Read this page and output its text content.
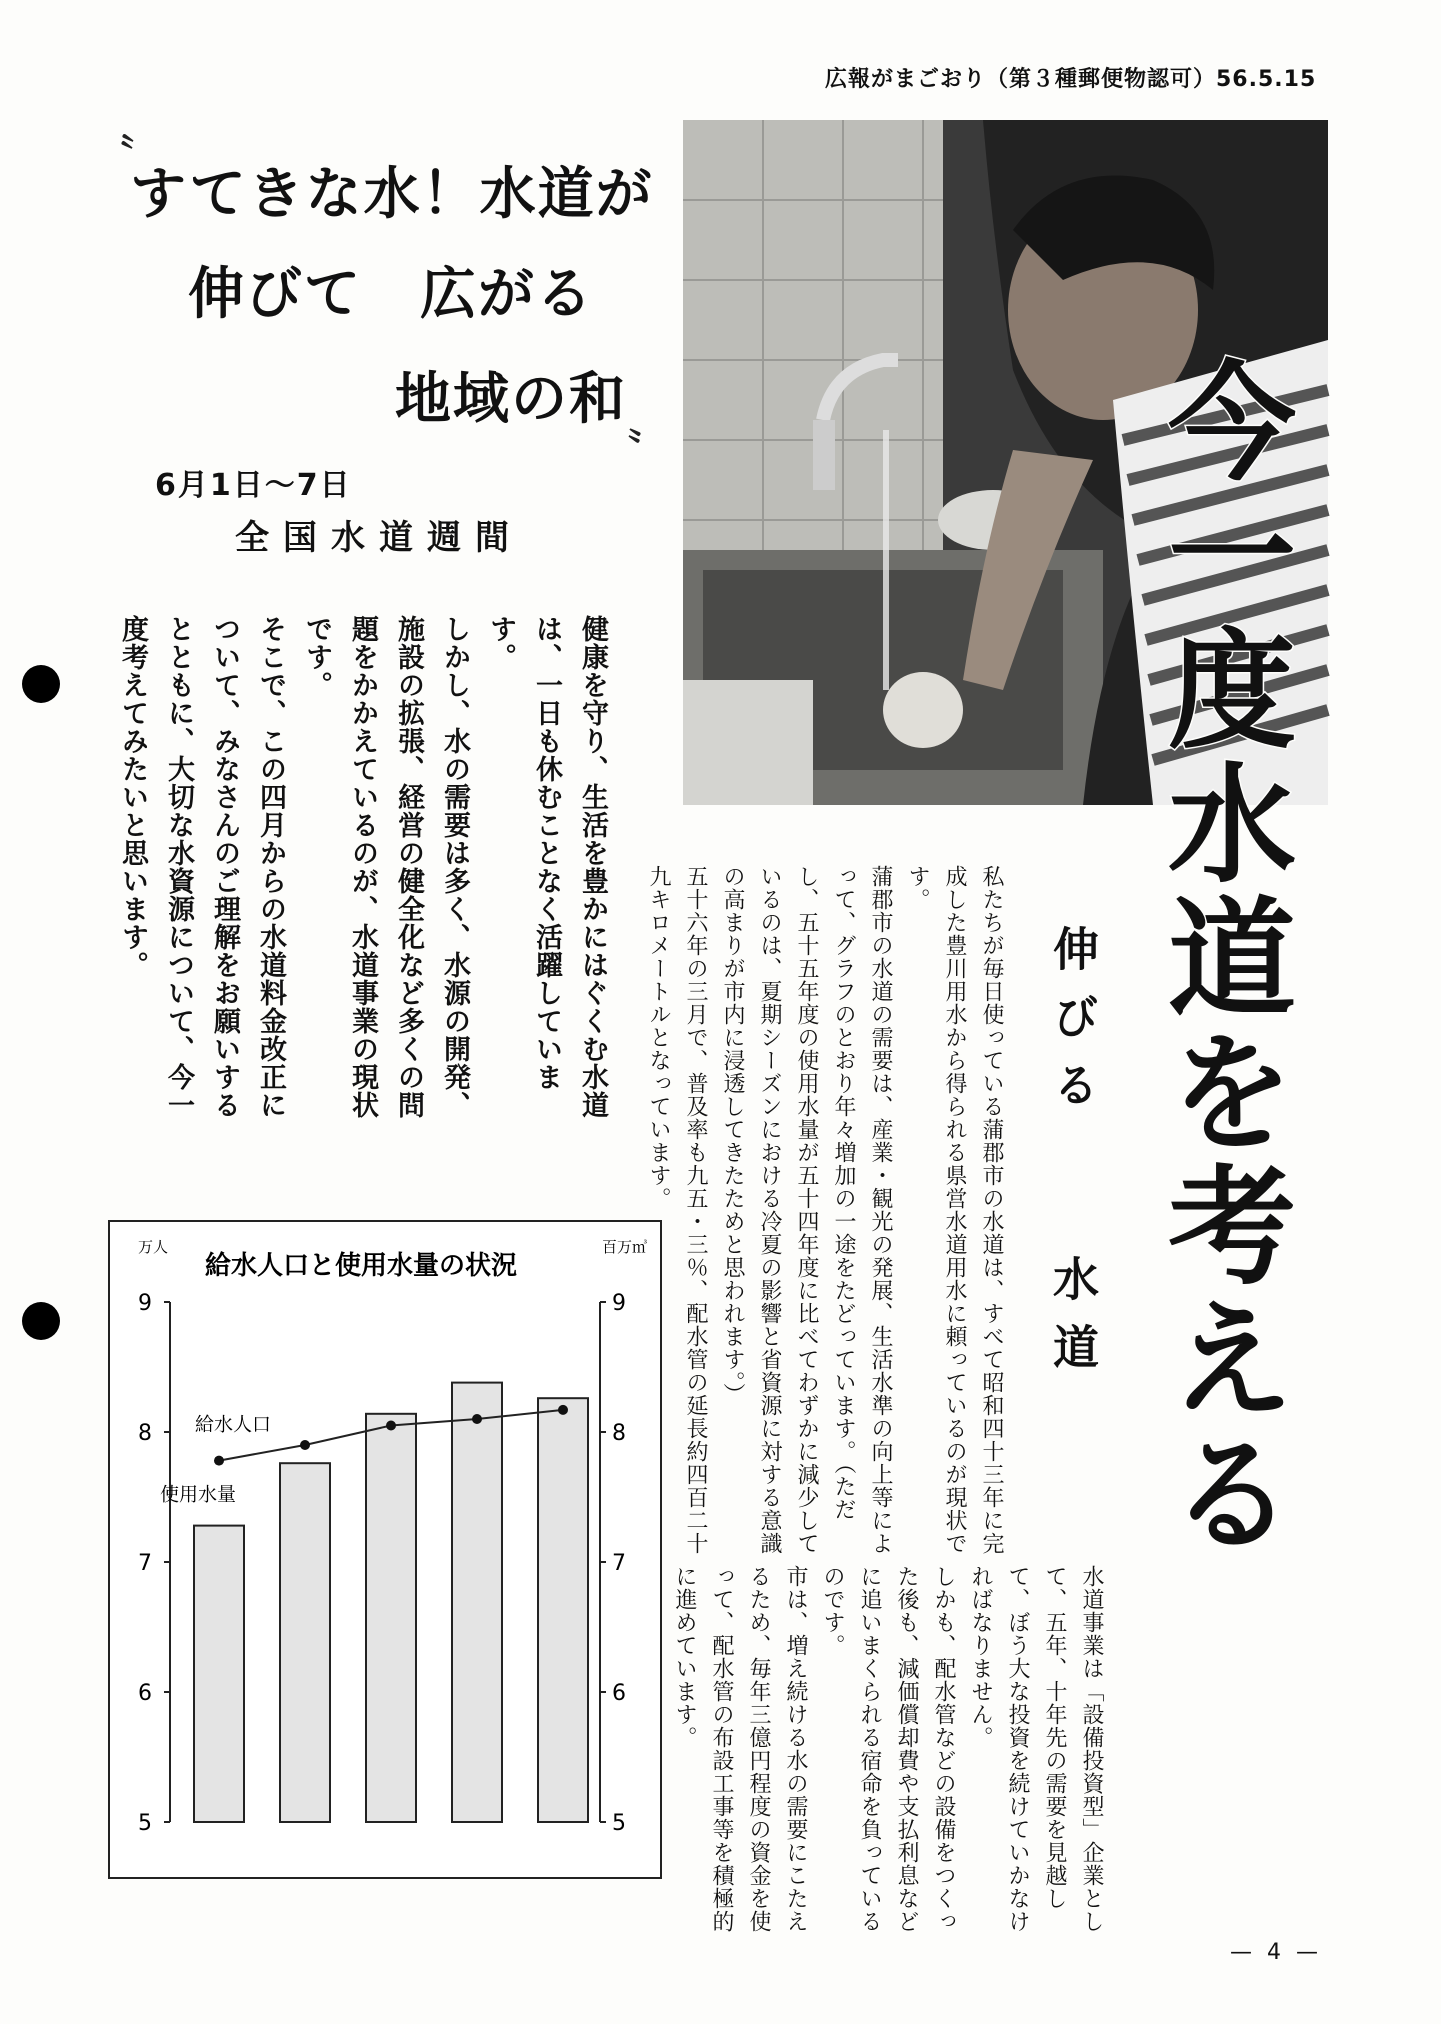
広報がまごおり（第３種郵便物認可）56.5.15
〝
すてきな水！水道が
伸びて　広がる
地域の和 〟
6月1日～7日
全国水道週間

健康を守り、生活を豊かにはぐくむ水道は、一日も休むことなく活躍しています。

しかし、水の需要は多く、水源の開発、施設の拡張、経営の健全化など多くの問題をかかえているのが、水道事業の現状です。

そこで、この四月からの水道料金改正について、みなさんのご理解をお願いするとともに、大切な水資源について、今一度考えてみたいと思います。	今一度水道を考える
伸びる
水道

私たちが毎日使っている蒲郡市の水道は、すべて昭和四十三年に完成した豊川用水から得られる県営水道用水に頼っているのが現状です。

蒲郡市の水道の需要は、産業・観光の発展、生活水準の向上等によって、グラフのとおり年々増加の一途をたどっています。（ただし、五十五年度の使用水量が五十四年度に比べてわずかに減少しているのは、夏期シーズンにおける冷夏の影響と省資源に対する意識の高まりが市内に浸透してきたためと思われます。）

五十六年の三月で、普及率も九五・三％、配水管の延長約四百二十九キロメートルとなっています。

水道事業は「設備投資型」企業として、五年、十年先の需要を見越して、ぼう大な投資を続けていかなければなりません。

しかも、配水管などの設備をつくった後も、減価償却費や支払利息などに追いまくられる宿命を負っているのです。

市は、増え続ける水の需要にこたえるため、毎年三億円程度の資金を使って、配水管の布設工事等を積極的に進めています。

給水人口と使用水量の状況
万人	百万㎥
9	9
8	8
7	7
6	6
5	5
給水人口
使用水量
— 4 —
